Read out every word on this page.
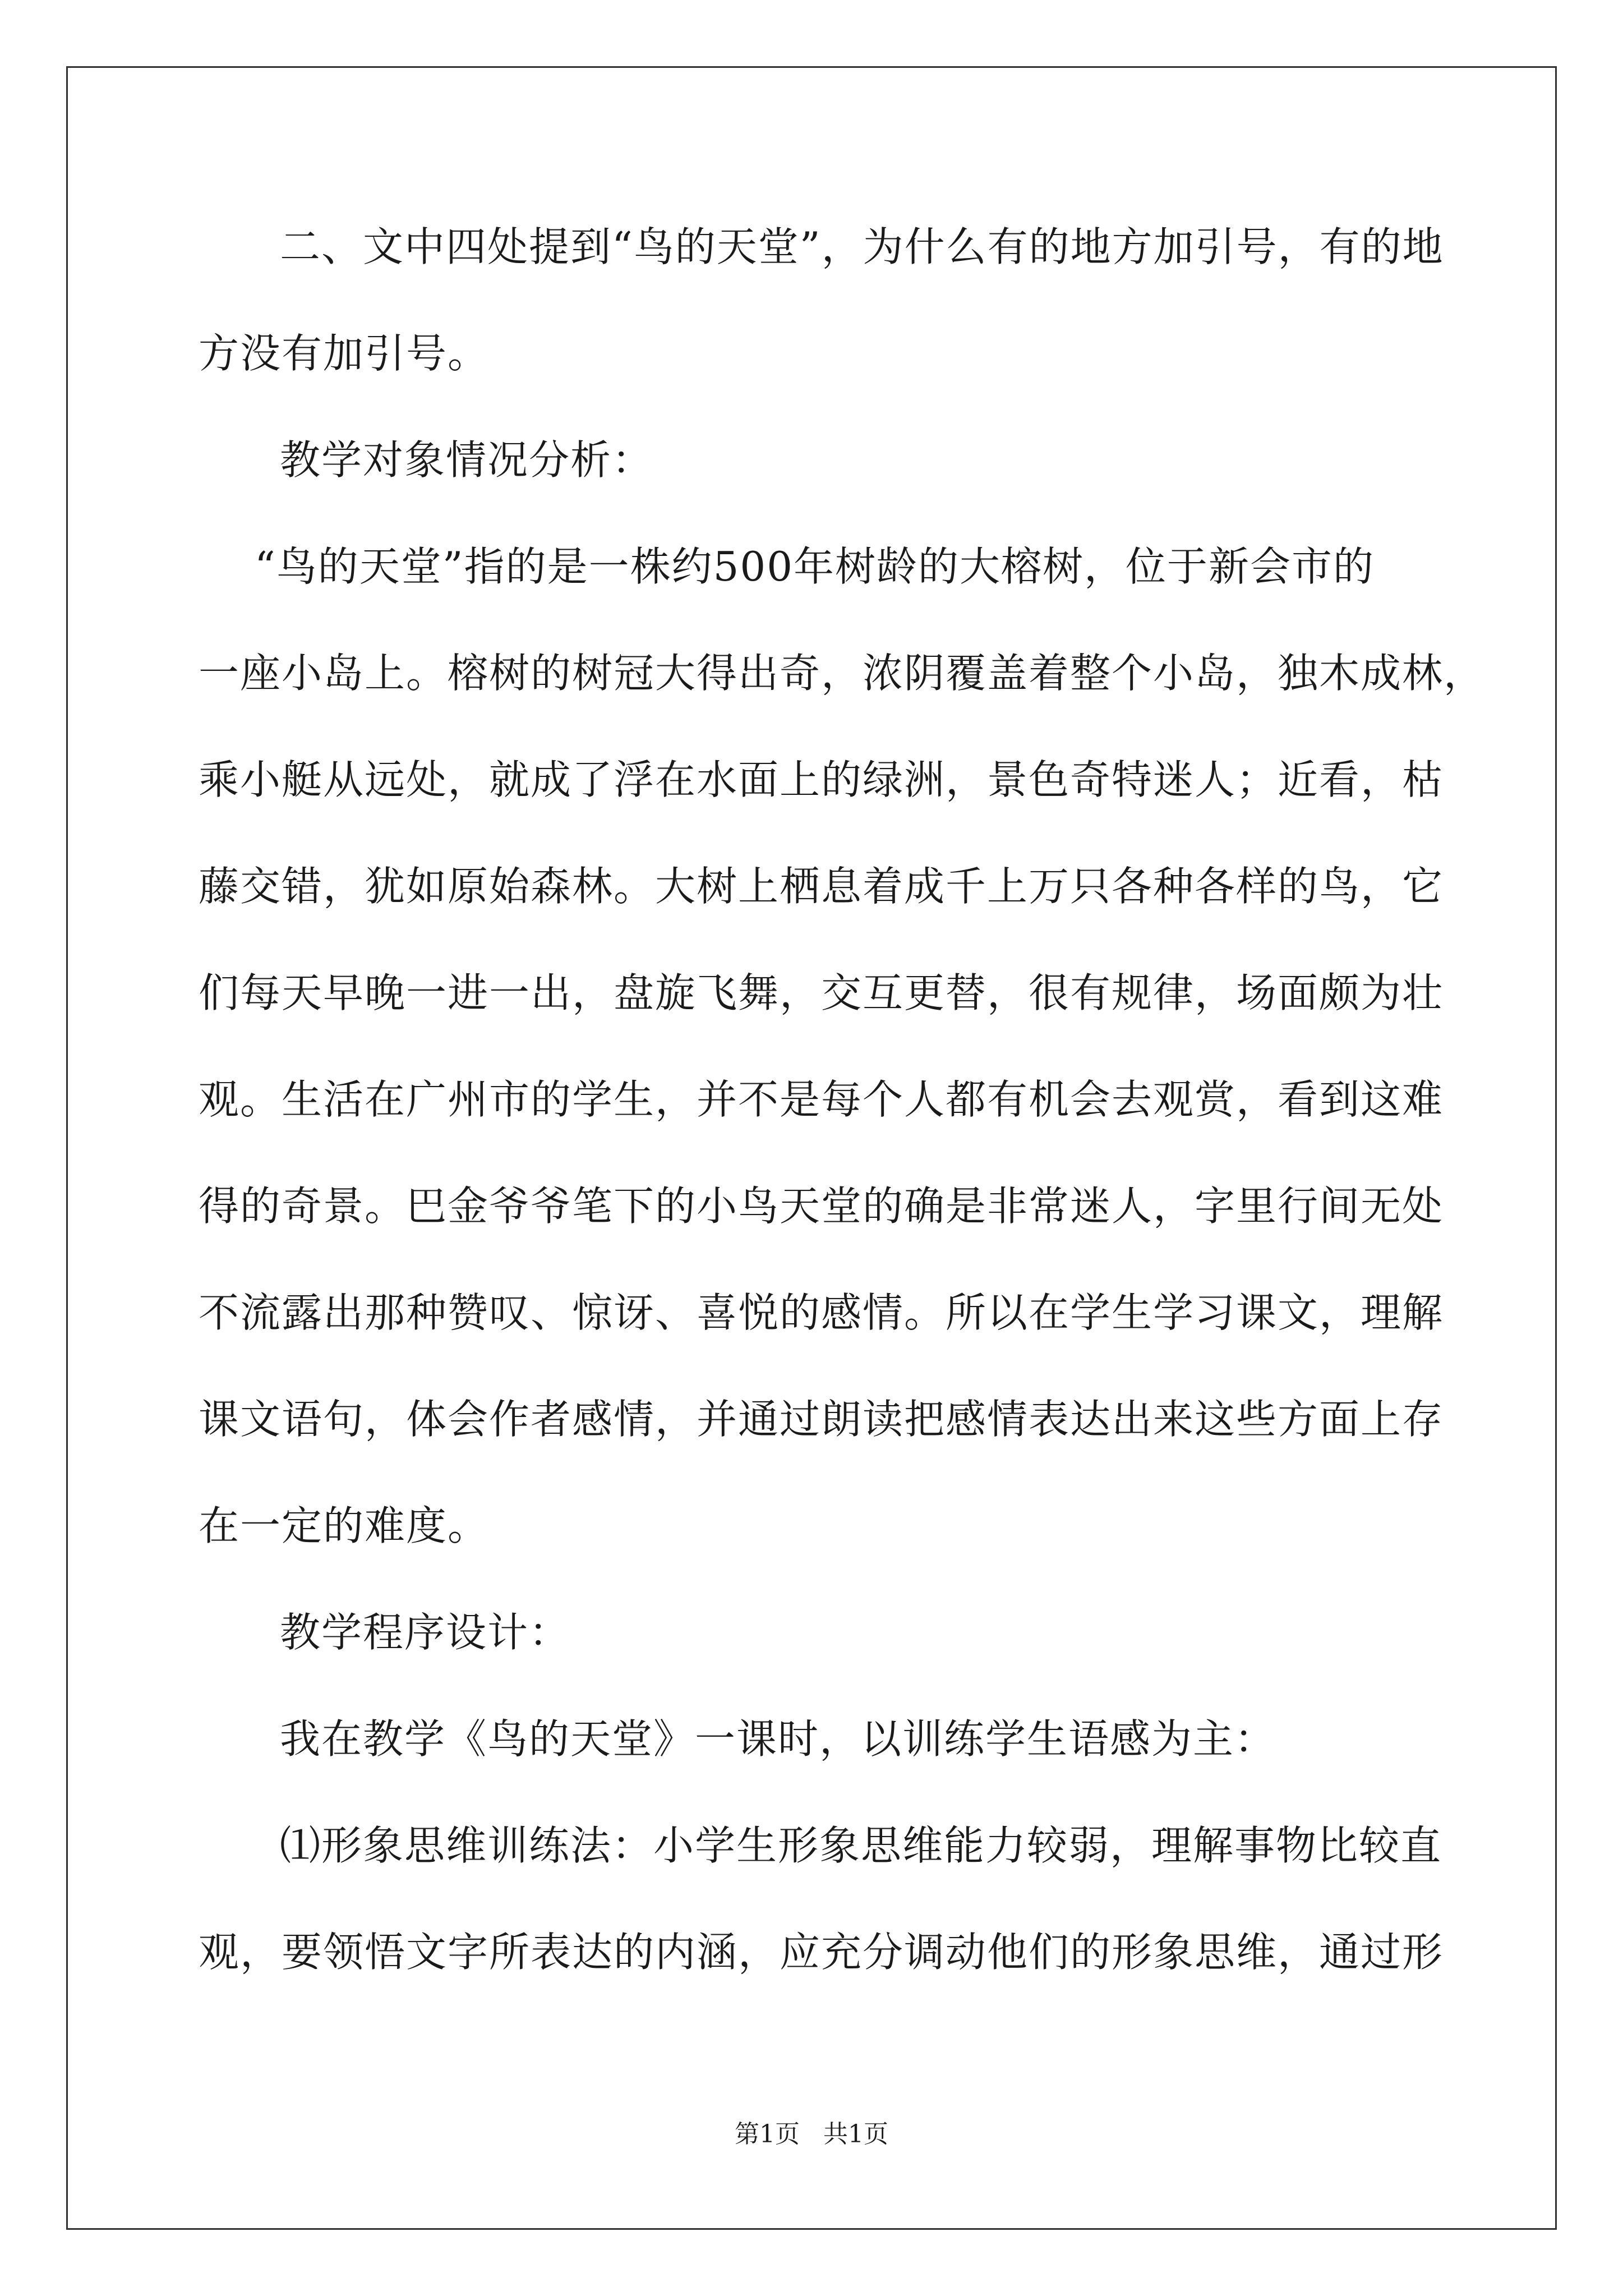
二、文中四处提到“鸟的天堂”，为什么有的地方加引号，有的地
方没有加引号。
教学对象情况分析：
“鸟的天堂”指的是一株约500年树龄的大榕树，位于新会市的
一座小岛上。榕树的树冠大得出奇，浓阴覆盖着整个小岛，独木成林，
乘小艇从远处，就成了浮在水面上的绿洲，景色奇特迷人；近看，枯
藤交错，犹如原始森林。大树上栖息着成千上万只各种各样的鸟，它
们每天早晚一进一出，盘旋飞舞，交互更替，很有规律，场面颇为壮
观。生活在广州市的学生，并不是每个人都有机会去观赏，看到这难
得的奇景。巴金爷爷笔下的小鸟天堂的确是非常迷人，字里行间无处
不流露出那种赞叹、惊讶、喜悦的感情。所以在学生学习课文，理解
课文语句，体会作者感情，并通过朗读把感情表达出来这些方面上存
在一定的难度。
教学程序设计：
我在教学《鸟的天堂》一课时，以训练学生语感为主：
⑴形象思维训练法：小学生形象思维能力较弱，理解事物比较直
观，要领悟文字所表达的内涵，应充分调动他们的形象思维，通过形
第1页   共1页
